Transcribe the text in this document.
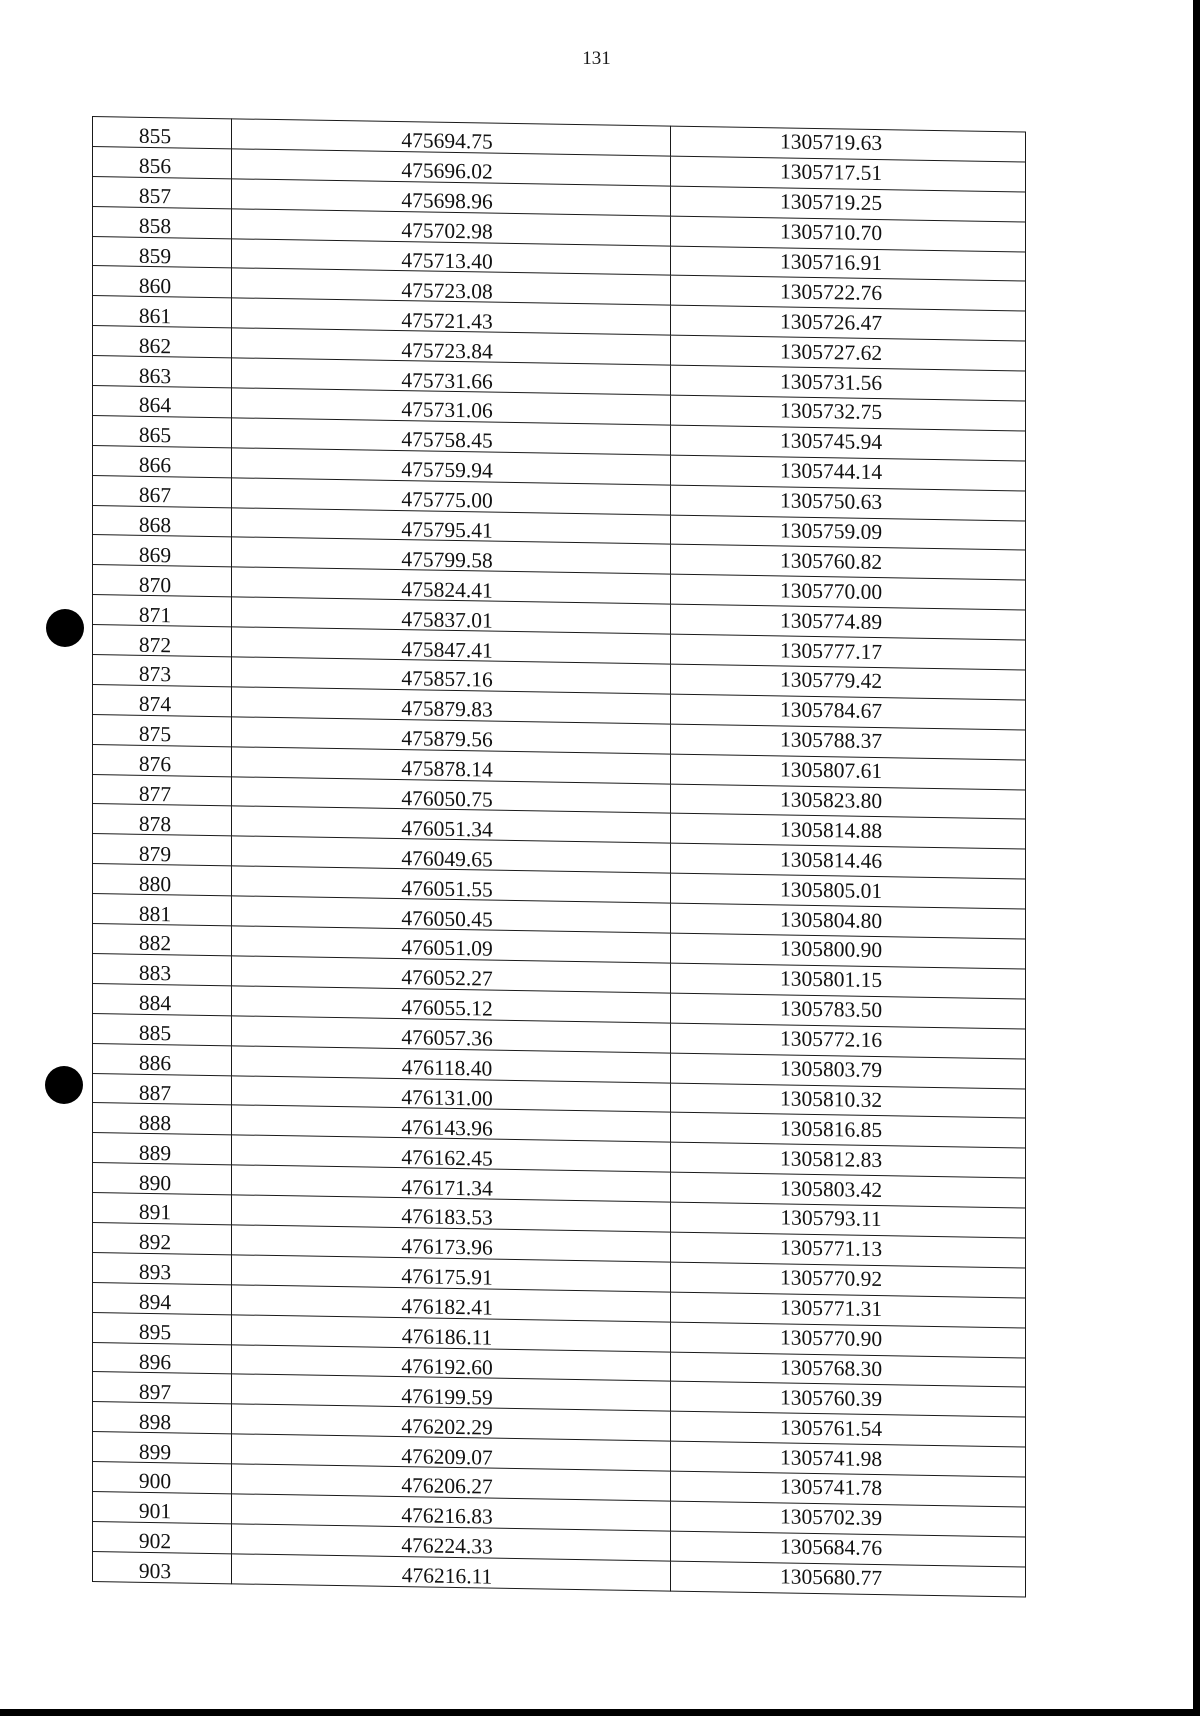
131
855	475694.75	1305719.63
856	475696.02	1305717.51
857	475698.96	1305719.25
858	475702.98	1305710.70
859	475713.40	1305716.91
860	475723.08	1305722.76
861	475721.43	1305726.47
862	475723.84	1305727.62
863	475731.66	1305731.56
864	475731.06	1305732.75
865	475758.45	1305745.94
866	475759.94	1305744.14
867	475775.00	1305750.63
868	475795.41	1305759.09
869	475799.58	1305760.82
870	475824.41	1305770.00
871	475837.01	1305774.89
872	475847.41	1305777.17
873	475857.16	1305779.42
874	475879.83	1305784.67
875	475879.56	1305788.37
876	475878.14	1305807.61
877	476050.75	1305823.80
878	476051.34	1305814.88
879	476049.65	1305814.46
880	476051.55	1305805.01
881	476050.45	1305804.80
882	476051.09	1305800.90
883	476052.27	1305801.15
884	476055.12	1305783.50
885	476057.36	1305772.16
886	476118.40	1305803.79
887	476131.00	1305810.32
888	476143.96	1305816.85
889	476162.45	1305812.83
890	476171.34	1305803.42
891	476183.53	1305793.11
892	476173.96	1305771.13
893	476175.91	1305770.92
894	476182.41	1305771.31
895	476186.11	1305770.90
896	476192.60	1305768.30
897	476199.59	1305760.39
898	476202.29	1305761.54
899	476209.07	1305741.98
900	476206.27	1305741.78
901	476216.83	1305702.39
902	476224.33	1305684.76
903	476216.11	1305680.77
